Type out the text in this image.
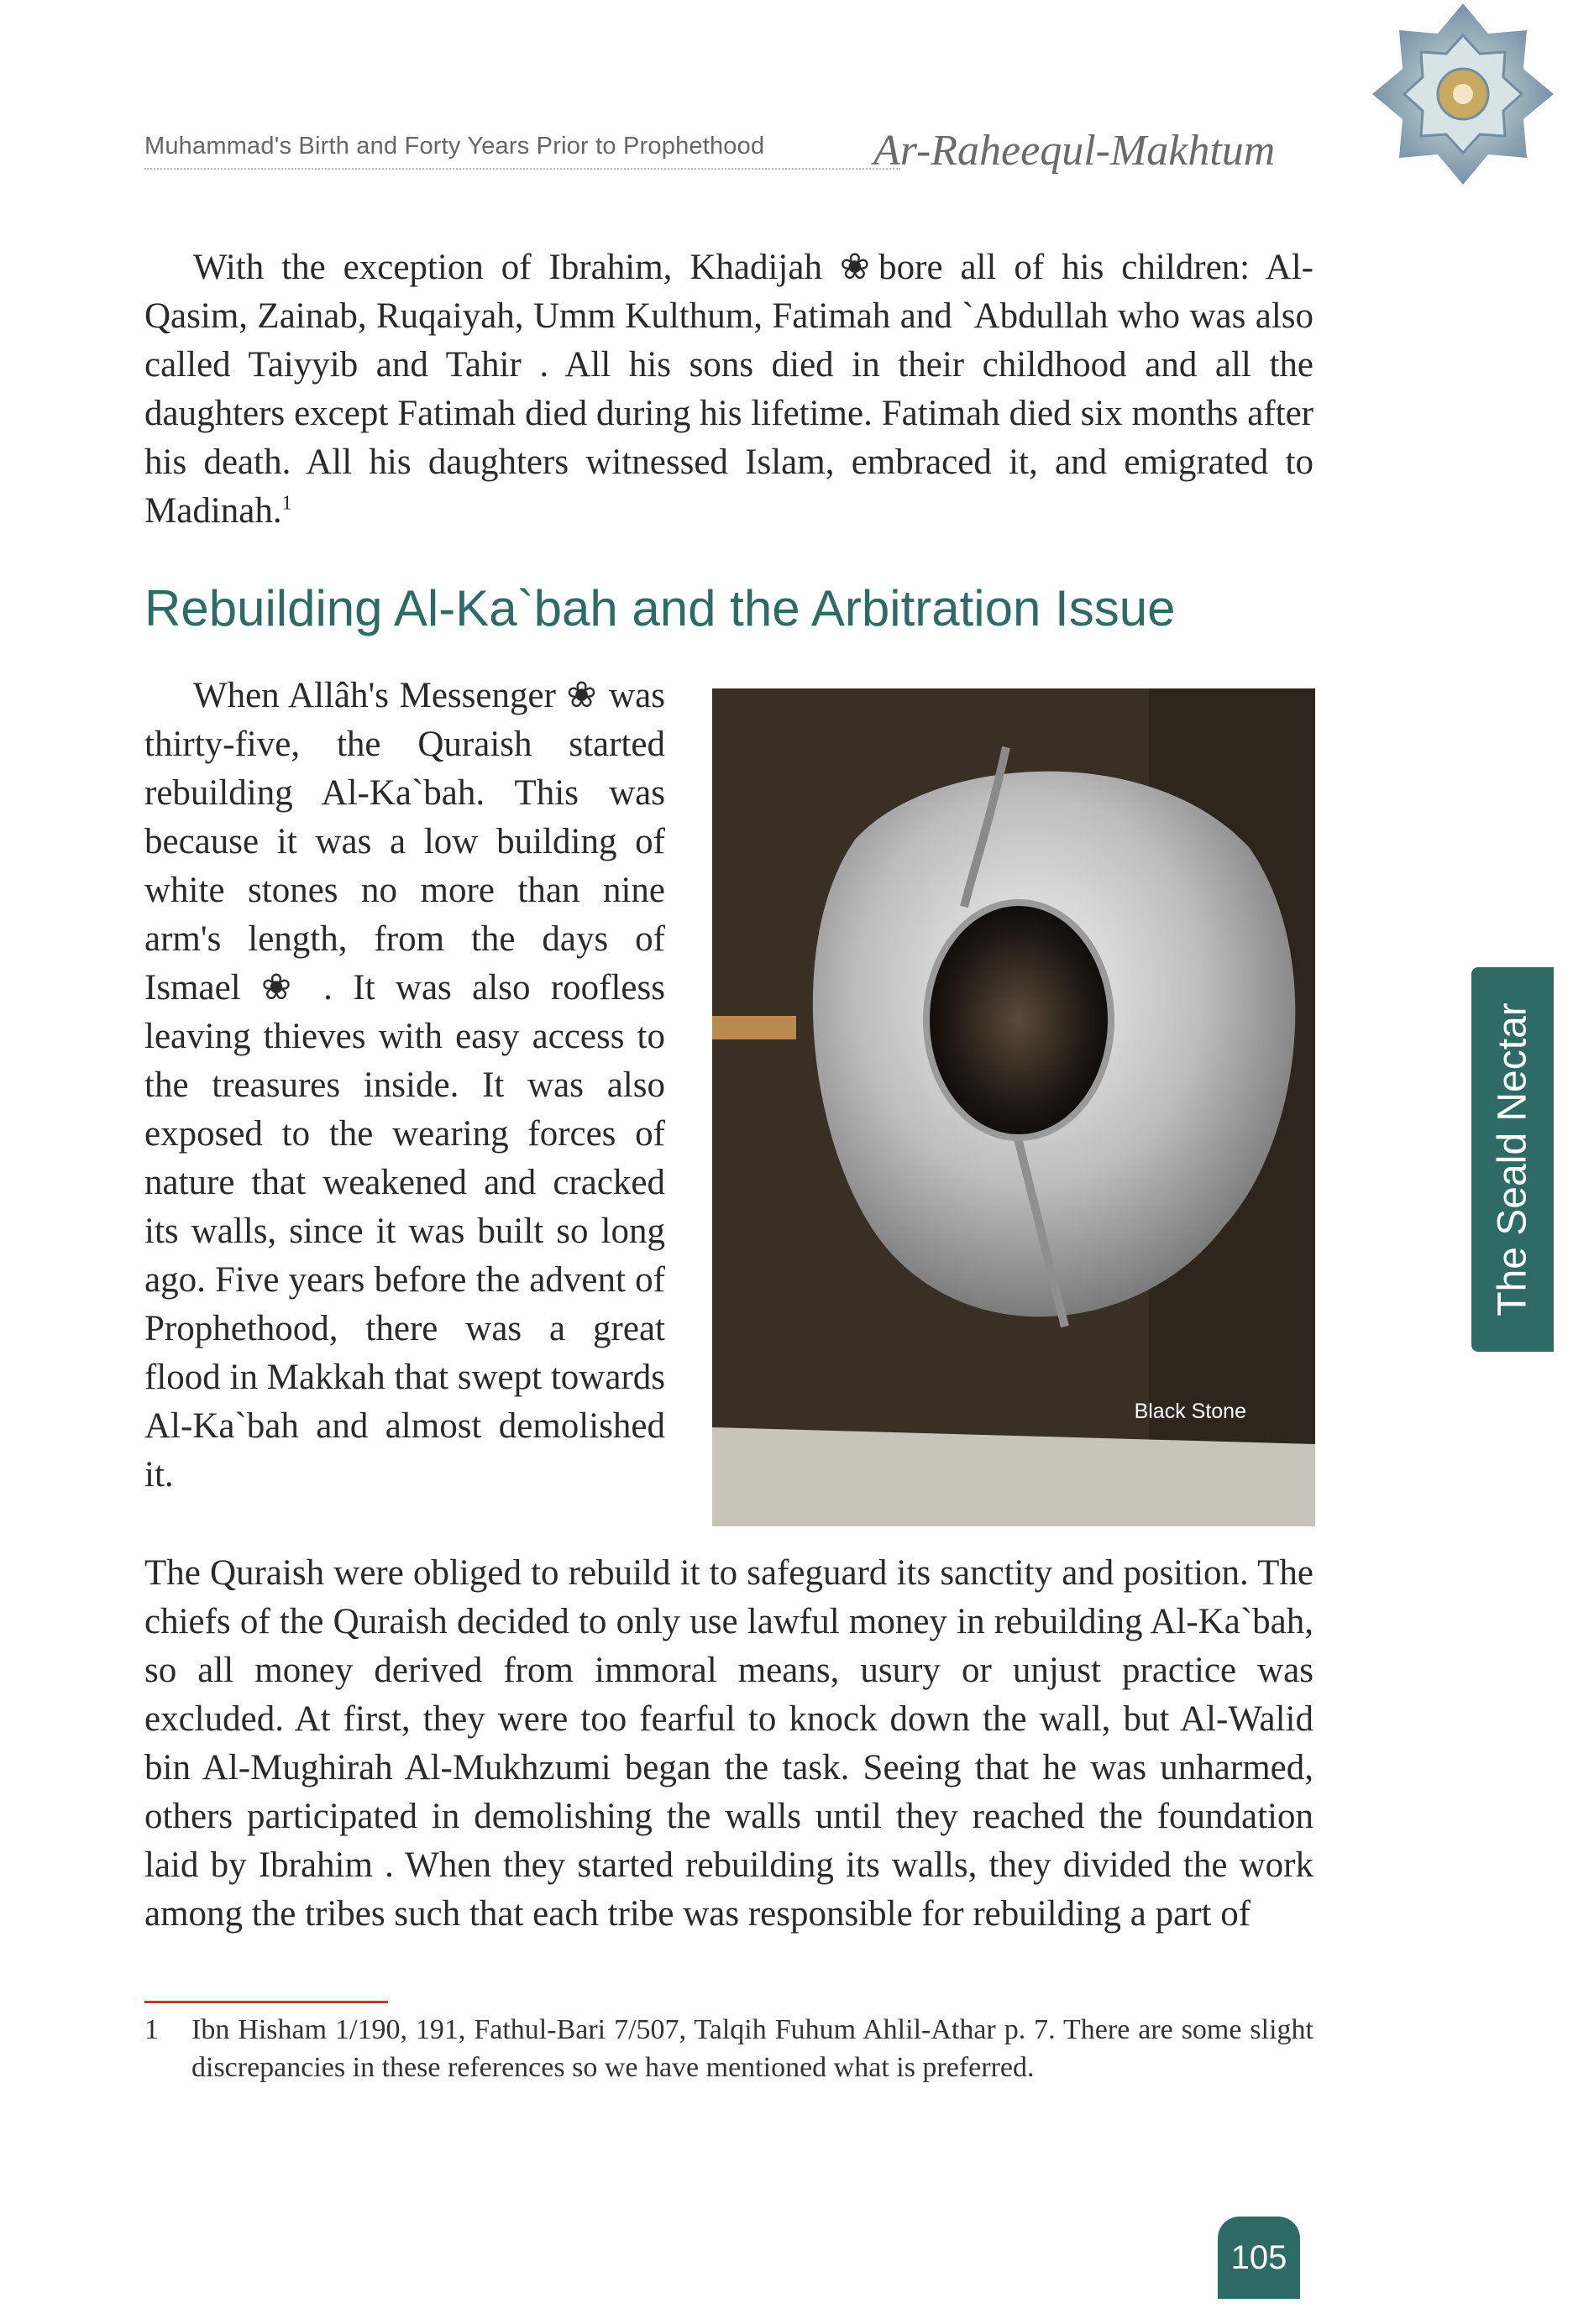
Muhammad's Birth and Forty Years Prior to Prophethood Ar-Raheequl-Makhtum
With the exception of Ibrahim, Khadijah ❀bore all of his children: Al-Qasim, Zainab, Ruqaiyah, Umm Kulthum, Fatimah and `Abdullah who was also called Taiyyib and Tahir . All his sons died in their childhood and all the daughters except Fatimah died during his lifetime. Fatimah died six months after his death. All his daughters witnessed Islam, embraced it, and emigrated to Madinah.$^1$
Rebuilding Al-Ka`bah and the Arbitration Issue
When Allâh's Messenger ❀ was thirty-five, the Quraish started rebuilding Al-Ka`bah. This was because it was a low building of white stones no more than nine arm's length, from the days of Ismael ❀ . It was also roofless leaving thieves with easy access to the treasures inside. It was also exposed to the wearing forces of nature that weakened and cracked its walls, since it was built so long ago. Five years before the advent of Prophethood, there was a great flood in Makkah that swept towards Al-Ka`bah and almost demolished it.
Black Stone
The Quraish were obliged to rebuild it to safeguard its sanctity and position. The chiefs of the Quraish decided to only use lawful money in rebuilding Al-Ka`bah, so all money derived from immoral means, usury or unjust practice was excluded. At first, they were too fearful to knock down the wall, but Al-Walid bin Al-Mughirah Al-Mukhzumi began the task. Seeing that he was unharmed, others participated in demolishing the walls until they reached the foundation laid by Ibrahim . When they started rebuilding its walls, they divided the work among the tribes such that each tribe was responsible for rebuilding a part of
1 Ibn Hisham 1/190, 191, Fathul-Bari 7/507, Talqih Fuhum Ahlil-Athar p. 7. There are some slight discrepancies in these references so we have mentioned what is preferred.
The Seald Nectar
105
